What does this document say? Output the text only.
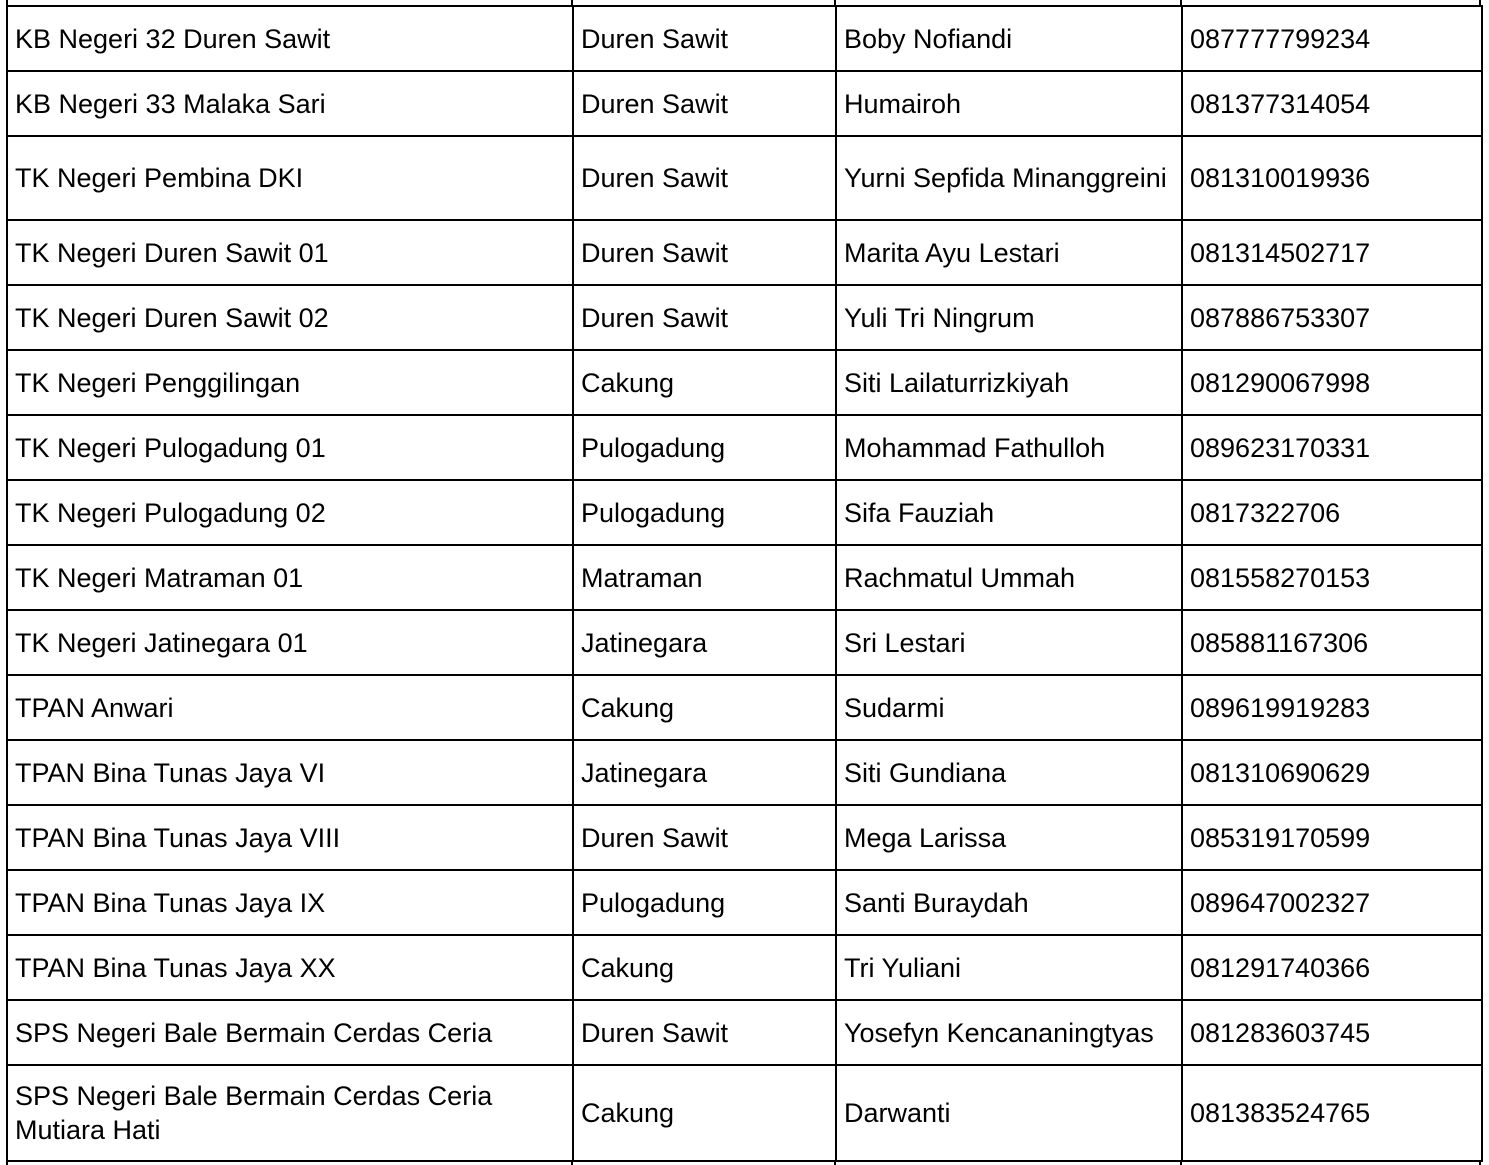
KB Negeri 32 Duren Sawit	Duren Sawit	Boby Nofiandi	087777799234
KB Negeri 33 Malaka Sari	Duren Sawit	Humairoh	081377314054
TK Negeri Pembina DKI	Duren Sawit	Yurni Sepfida Minanggreini	081310019936
TK Negeri Duren Sawit 01	Duren Sawit	Marita Ayu Lestari	081314502717
TK Negeri Duren Sawit 02	Duren Sawit	Yuli Tri Ningrum	087886753307
TK Negeri Penggilingan	Cakung	Siti Lailaturrizkiyah	081290067998
TK Negeri Pulogadung 01	Pulogadung	Mohammad Fathulloh	089623170331
TK Negeri Pulogadung 02	Pulogadung	Sifa Fauziah	0817322706
TK Negeri Matraman 01	Matraman	Rachmatul Ummah	081558270153
TK Negeri Jatinegara 01	Jatinegara	Sri Lestari	085881167306
TPAN Anwari	Cakung	Sudarmi	089619919283
TPAN Bina Tunas Jaya VI	Jatinegara	Siti Gundiana	081310690629
TPAN Bina Tunas Jaya VIII	Duren Sawit	Mega Larissa	085319170599
TPAN Bina Tunas Jaya IX	Pulogadung	Santi Buraydah	089647002327
TPAN Bina Tunas Jaya XX	Cakung	Tri Yuliani	081291740366
SPS Negeri Bale Bermain Cerdas Ceria	Duren Sawit	Yosefyn Kencananingtyas	081283603745
SPS Negeri Bale Bermain Cerdas Ceria Mutiara Hati	Cakung	Darwanti	081383524765
